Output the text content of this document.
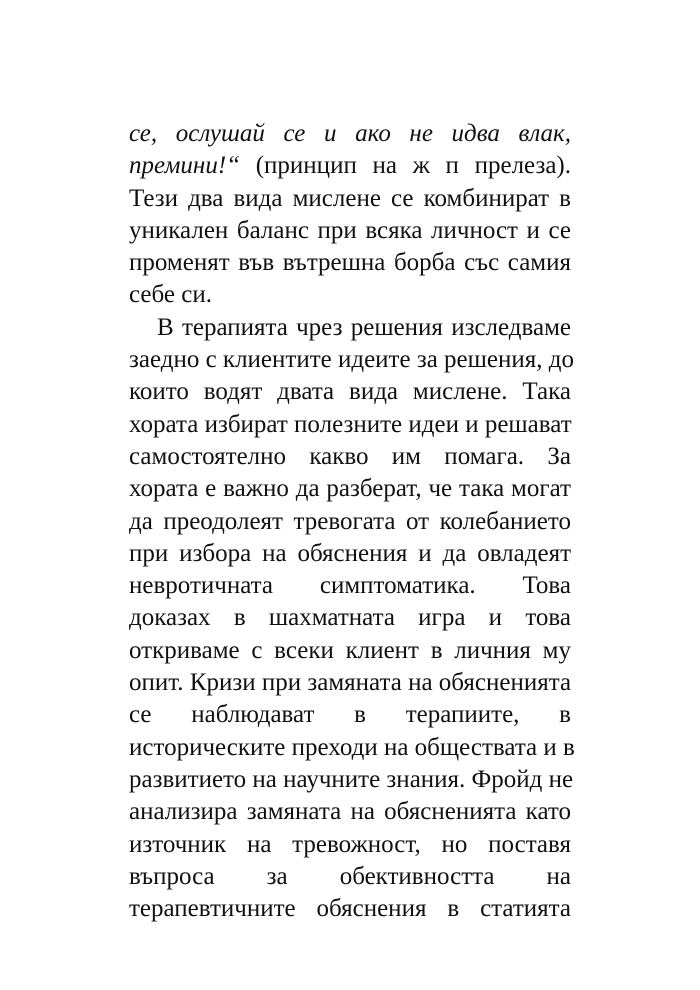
се, ослушай се и ако не идва влак,
премини!“ (принцип на ж п прелеза).
Тези два вида мислене се комбинират в
уникален баланс при всяка личност и се
променят във вътрешна борба със самия
себе си.
В терапията чрез решения изследваме
заедно с клиентите идеите за решения, до
които водят двата вида мислене. Така
хората избират полезните идеи и решават
самостоятелно какво им помага. За
хората е важно да разберат, че така могат
да преодолеят тревогата от колебанието
при избора на обяснения и да овладеят
невротичната симптоматика. Това
доказах в шахматната игра и това
откриваме с всеки клиент в личния му
опит. Кризи при замяната на обясненията
се наблюдават в терапиите, в
историческите преходи на обществата и в
развитието на научните знания. Фройд не
анализира замяната на обясненията като
източник на тревожност, но поставя
въпроса за обективността на
терапевтичните обяснения в статията
